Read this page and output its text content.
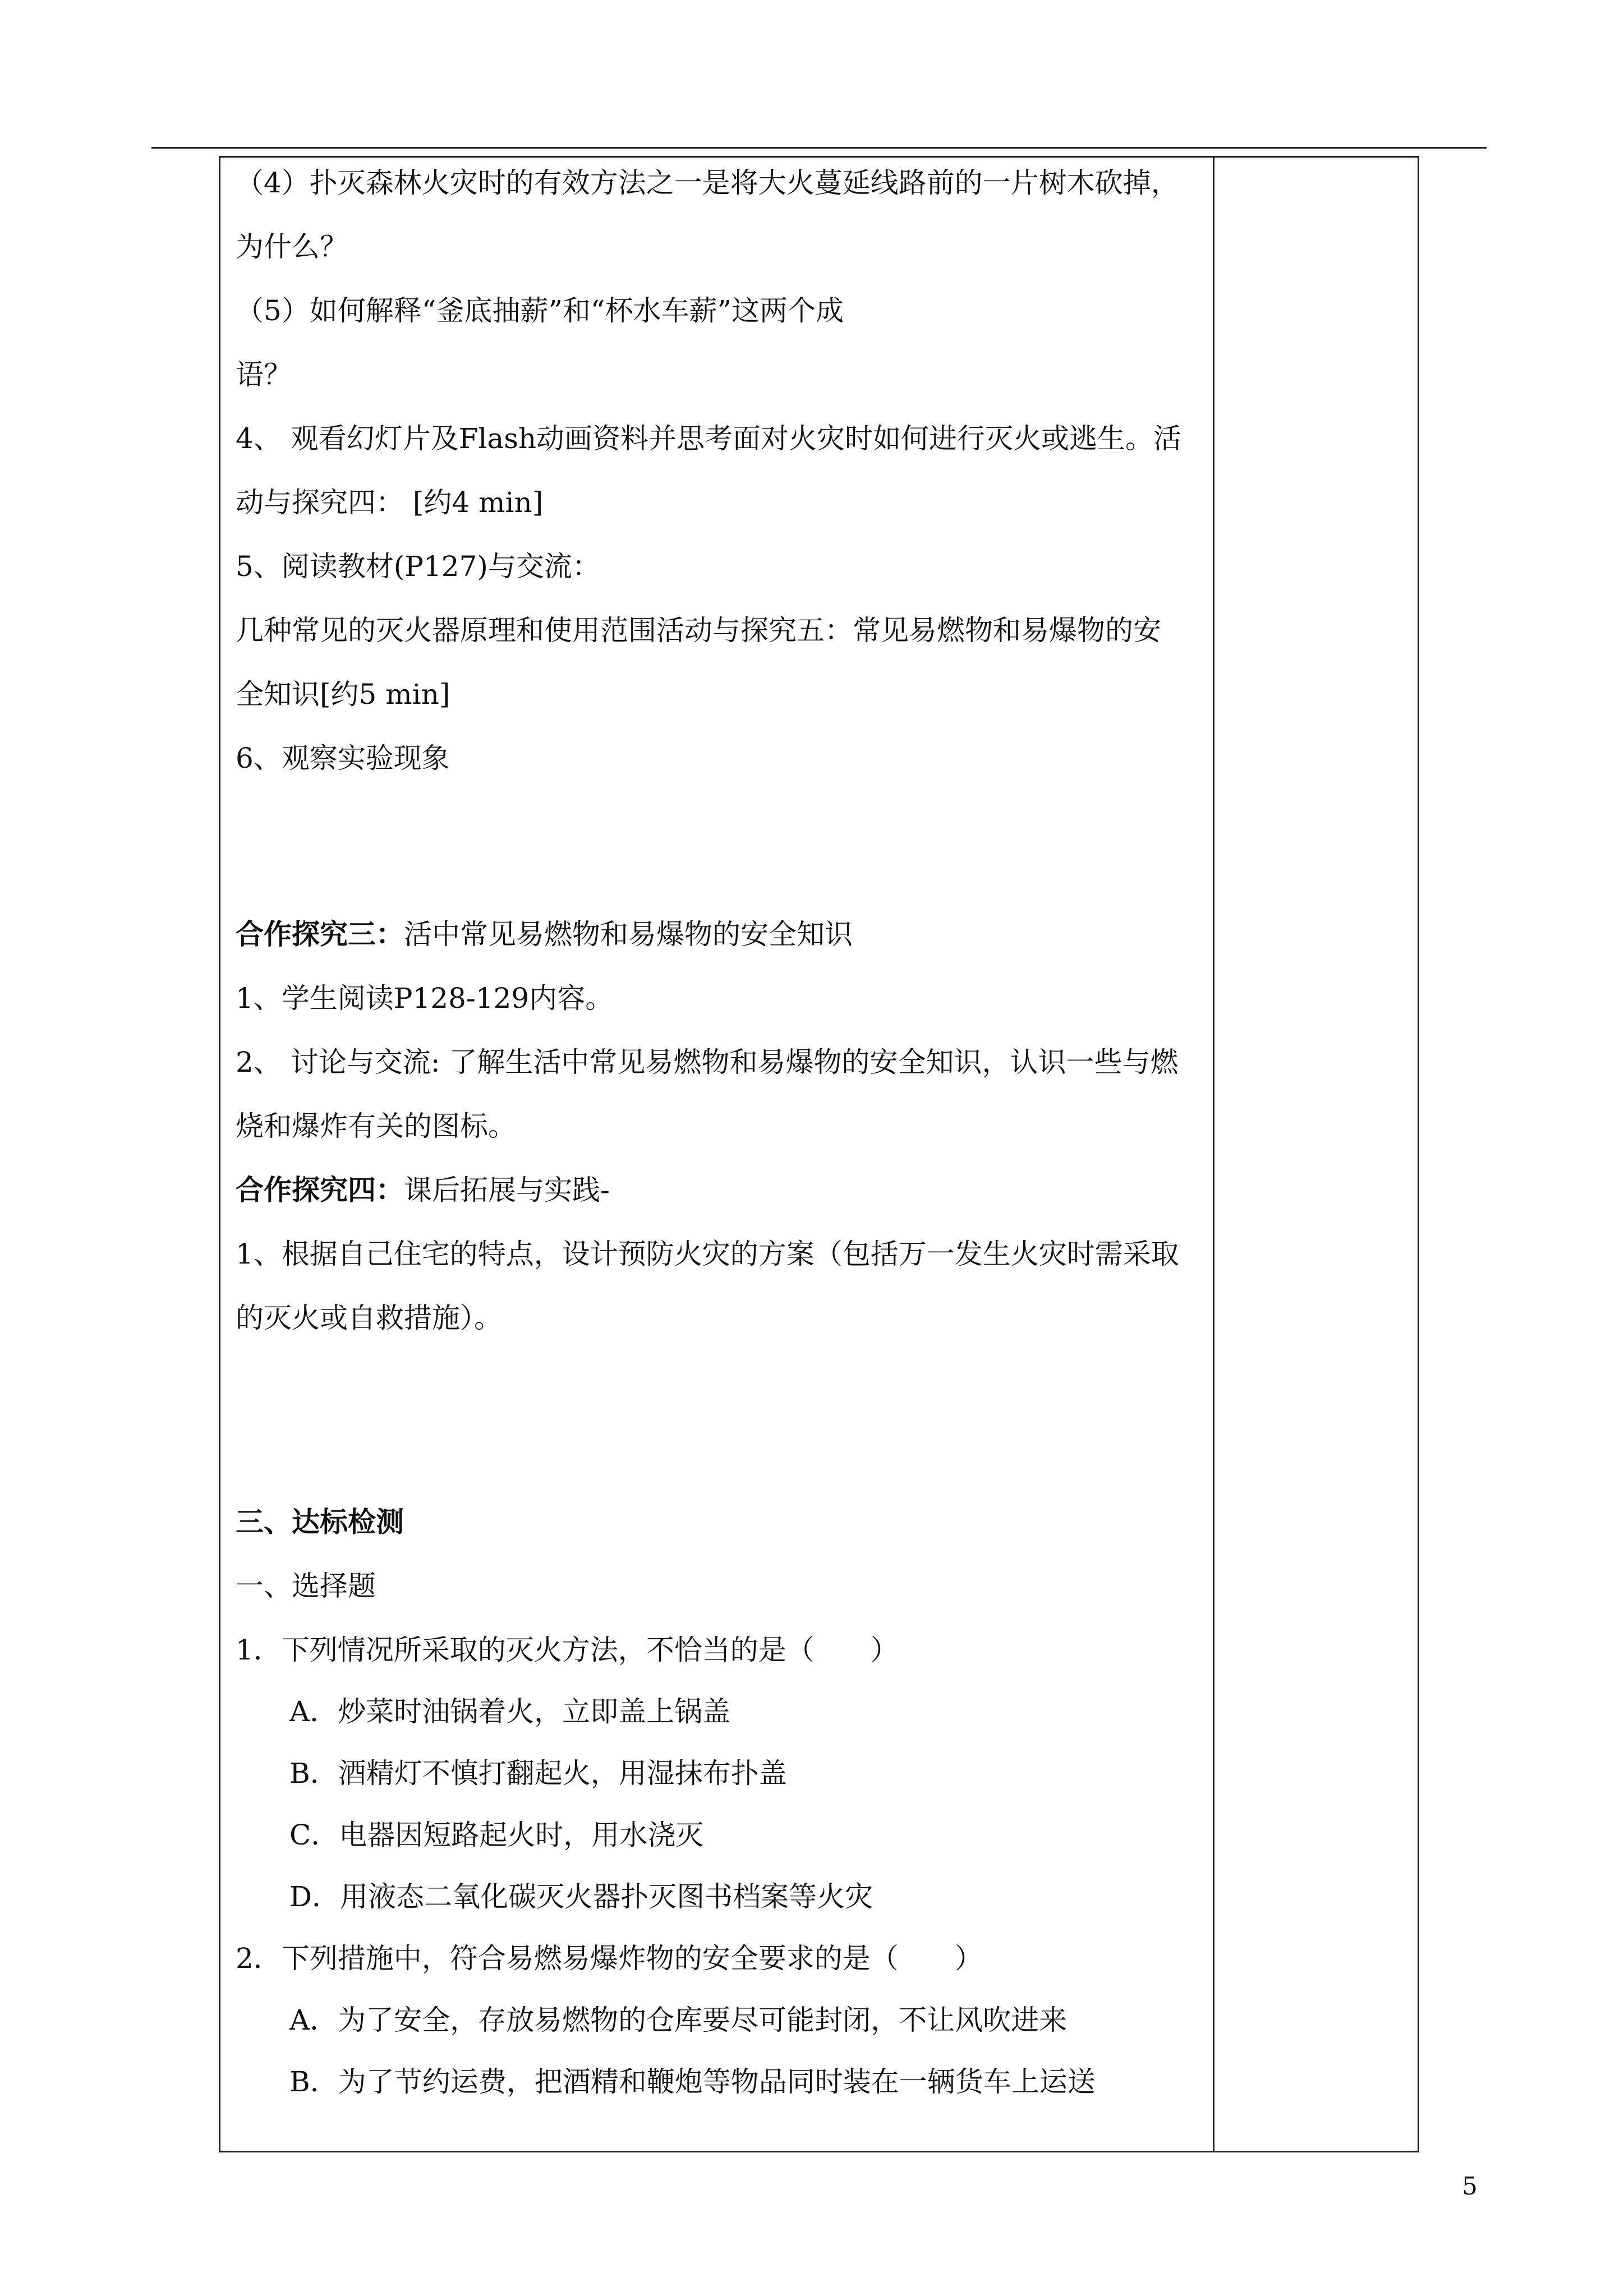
（4）扑灭森林火灾时的有效方法之一是将大火蔓延线路前的一片树木砍掉，
为什么？
（5）如何解释“釜底抽薪”和“杯水车薪”这两个成
语？
4、 观看幻灯片及Flash动画资料并思考面对火灾时如何进行灭火或逃生。活
动与探究四： [约4 min]
5、阅读教材(P127)与交流：
几种常见的灭火器原理和使用范围活动与探究五：常见易燃物和易爆物的安
全知识[约5 min]
6、观察实验现象
合作探究三：活中常见易燃物和易爆物的安全知识
1、学生阅读P128-129内容。
2、 讨论与交流: 了解生活中常见易燃物和易爆物的安全知识，认识一些与燃
烧和爆炸有关的图标。
合作探究四：课后拓展与实践-
1、根据自己住宅的特点，设计预防火灾的方案（包括万一发生火灾时需采取
的灭火或自救措施）。
三、达标检测
一、选择题
1．下列情况所采取的灭火方法，不恰当的是（　　）
A．炒菜时油锅着火，立即盖上锅盖
B．酒精灯不慎打翻起火，用湿抹布扑盖
C．电器因短路起火时，用水浇灭
D．用液态二氧化碳灭火器扑灭图书档案等火灾
2．下列措施中，符合易燃易爆炸物的安全要求的是（　　）
A．为了安全，存放易燃物的仓库要尽可能封闭，不让风吹进来
B．为了节约运费，把酒精和鞭炮等物品同时装在一辆货车上运送
5
